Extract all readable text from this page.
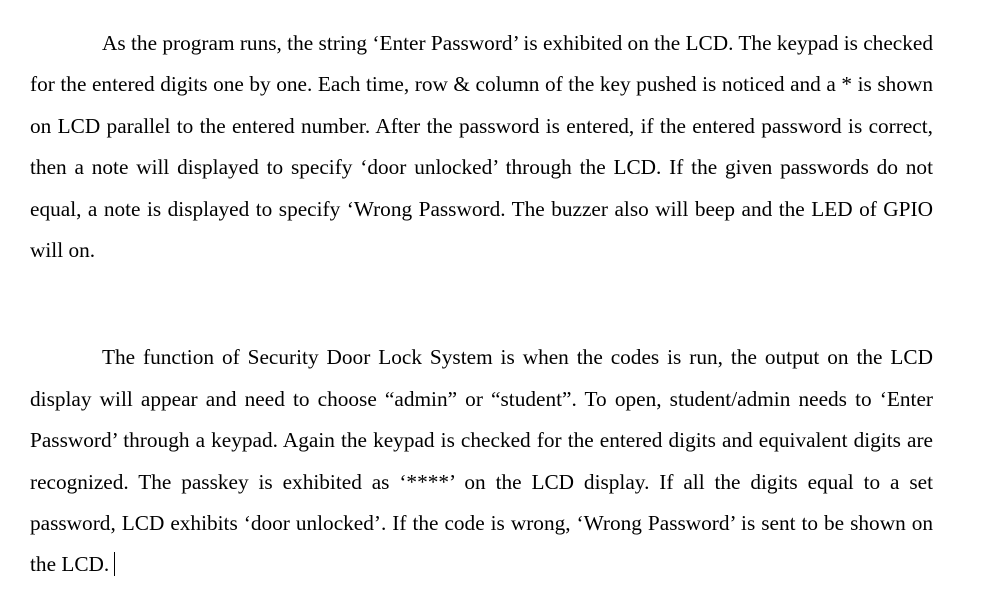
As the program runs, the string ‘Enter Password’ is exhibited on the LCD. The keypad is checked for the entered digits one by one. Each time, row & column of the key pushed is noticed and a * is shown on LCD parallel to the entered number. After the password is entered, if the entered password is correct, then a note will displayed to specify ‘door unlocked’ through the LCD. If the given passwords do not equal, a note is displayed to specify ‘Wrong Password. The buzzer also will beep and the LED of GPIO will on.

The function of Security Door Lock System is when the codes is run, the output on the LCD display will appear and need to choose “admin” or “student”. To open, student/admin needs to ‘Enter Password’ through a keypad. Again the keypad is checked for the entered digits and equivalent digits are recognized. The passkey is exhibited as ‘****’ on the LCD display. If all the digits equal to a set password, LCD exhibits ‘door unlocked’. If the code is wrong, ‘Wrong Password’ is sent to be shown on the LCD.
